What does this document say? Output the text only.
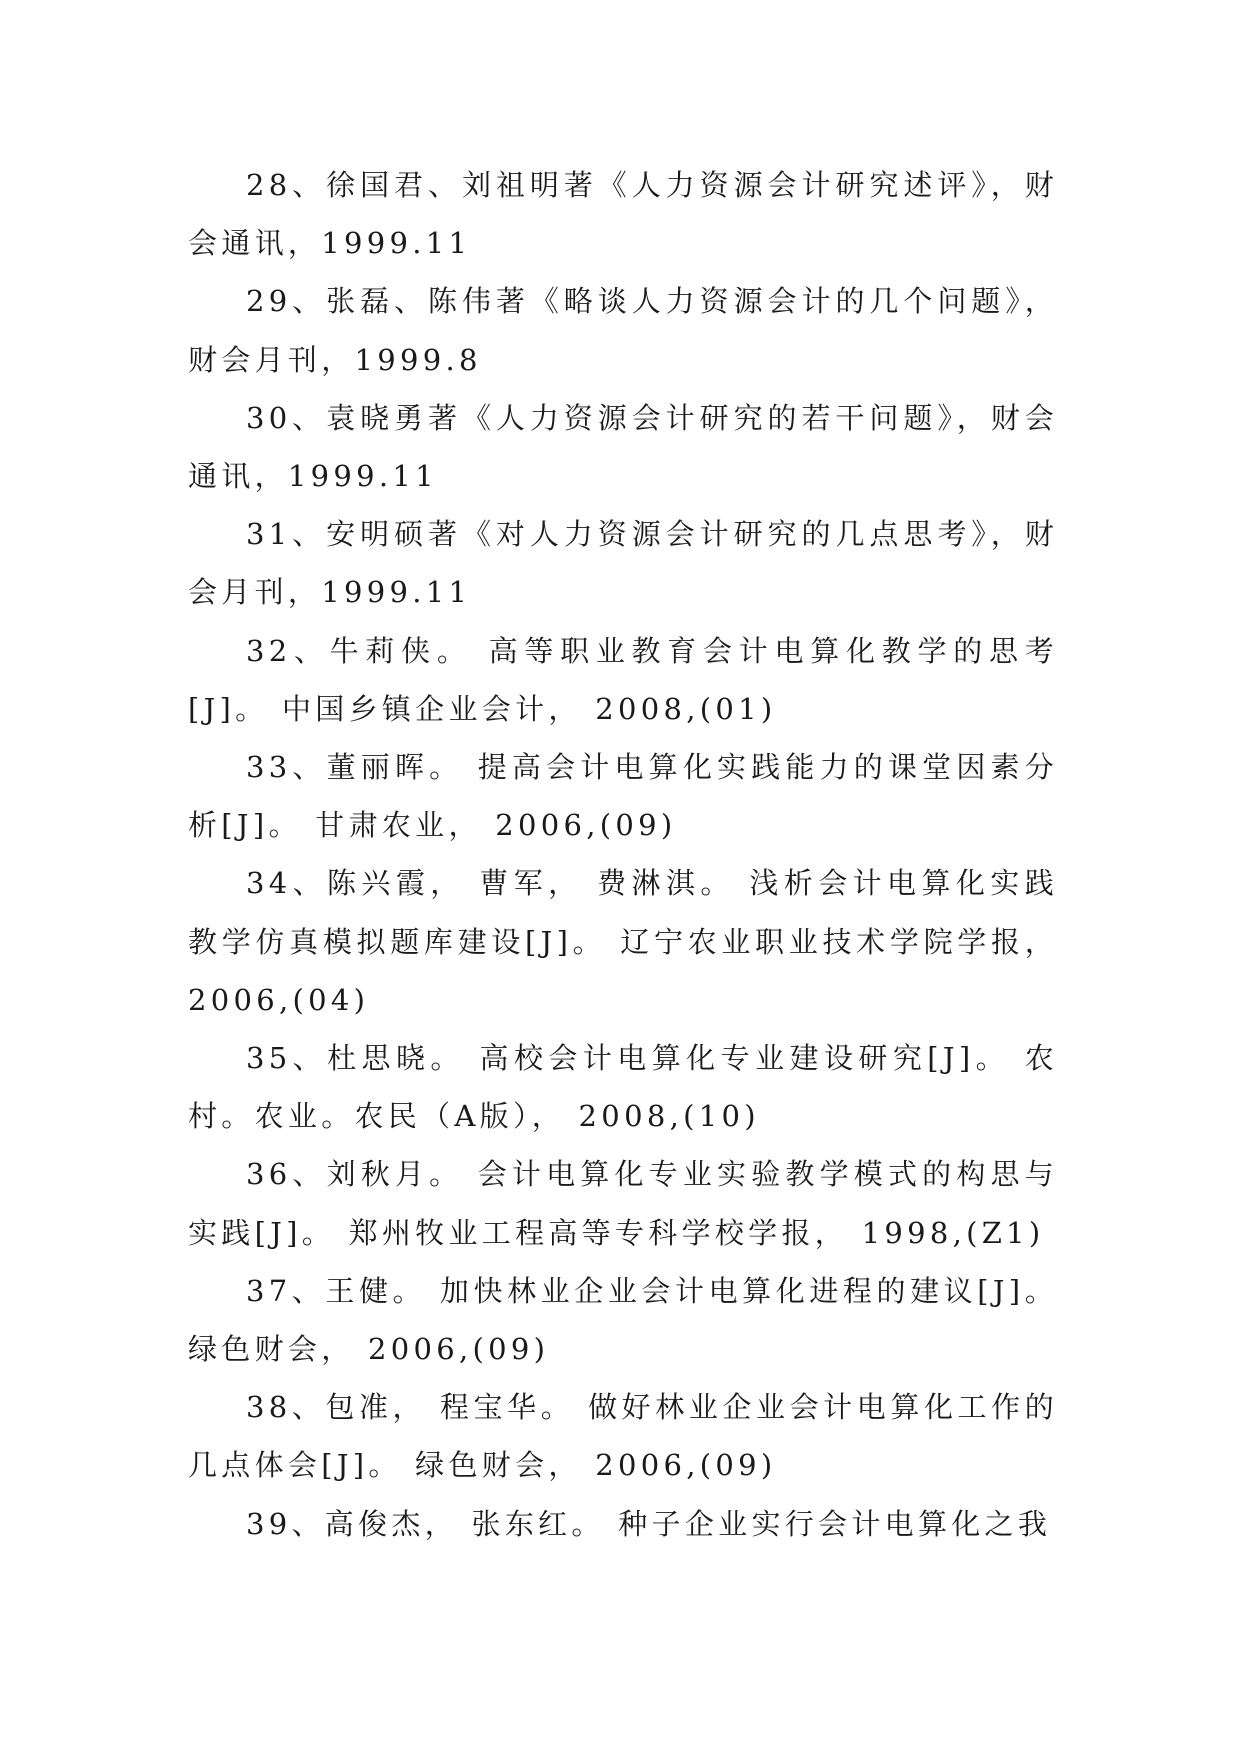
28、徐国君、刘祖明著《人力资源会计研究述评》，财会通讯，1999.11

29、张磊、陈伟著《略谈人力资源会计的几个问题》，财会月刊，1999.8

30、袁晓勇著《人力资源会计研究的若干问题》，财会通讯，1999.11

31、安明硕著《对人力资源会计研究的几点思考》，财会月刊，1999.11

32、牛莉侠。 高等职业教育会计电算化教学的思考[J]。 中国乡镇企业会计， 2008,(01)

33、董丽晖。 提高会计电算化实践能力的课堂因素分析[J]。 甘肃农业， 2006,(09)

34、陈兴霞， 曹军， 费淋淇。 浅析会计电算化实践教学仿真模拟题库建设[J]。 辽宁农业职业技术学院学报， 2006,(04)

35、杜思晓。 高校会计电算化专业建设研究[J]。 农村。农业。农民（A版）， 2008,(10)

36、刘秋月。 会计电算化专业实验教学模式的构思与实践[J]。 郑州牧业工程高等专科学校学报， 1998,(Z1)

37、王健。 加快林业企业会计电算化进程的建议[J]。绿色财会， 2006,(09)

38、包准， 程宝华。 做好林业企业会计电算化工作的几点体会[J]。 绿色财会， 2006,(09)

39、高俊杰， 张东红。 种子企业实行会计电算化之我
